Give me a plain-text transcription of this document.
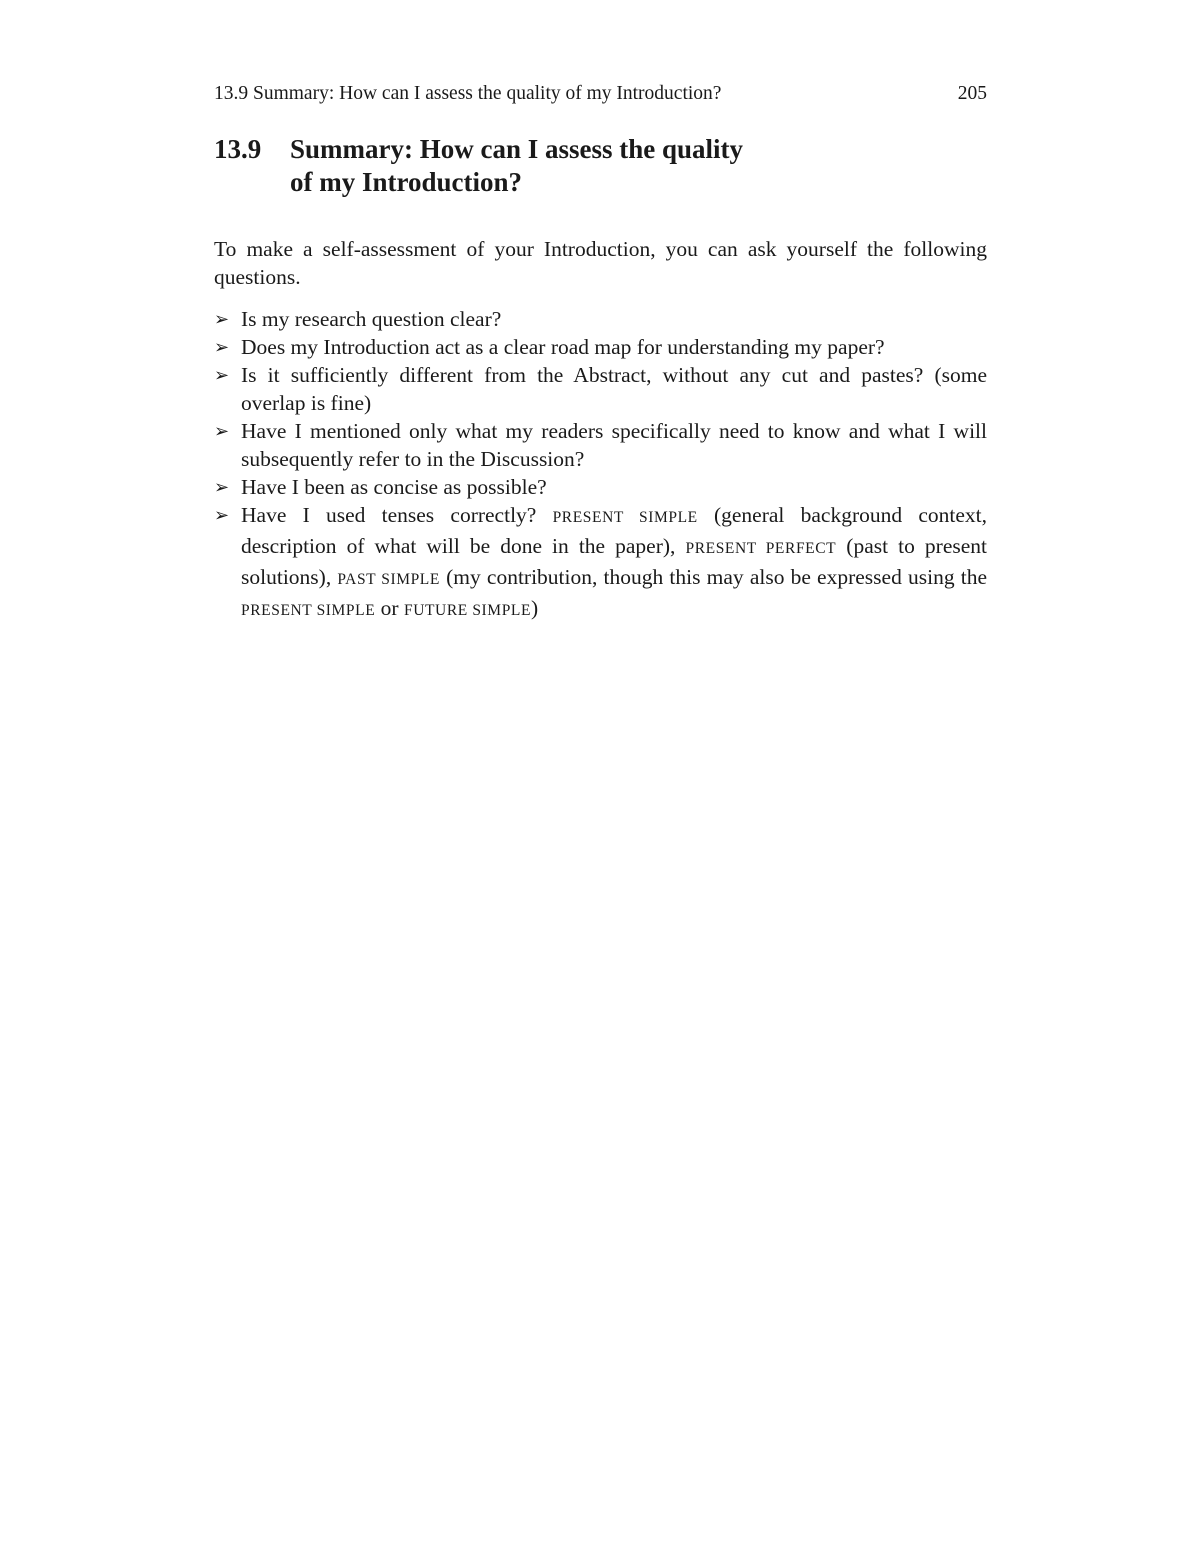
13.9 Summary: How can I assess the quality of my Introduction?	205
13.9 Summary: How can I assess the quality
of my Introduction?

To make a self-assessment of your Introduction, you can ask yourself the following questions.

➢ Is my research question clear?
➢ Does my Introduction act as a clear road map for understanding my paper?
➢ Is it sufficiently different from the Abstract, without any cut and pastes? (some overlap is fine)
➢ Have I mentioned only what my readers specifically need to know and what I will subsequently refer to in the Discussion?
➢ Have I been as concise as possible?
➢ Have I used tenses correctly? PRESENT SIMPLE (general background context, description of what will be done in the paper), PRESENT PERFECT (past to present solutions), PAST SIMPLE (my contribution, though this may also be expressed using the PRESENT SIMPLE or FUTURE SIMPLE)
